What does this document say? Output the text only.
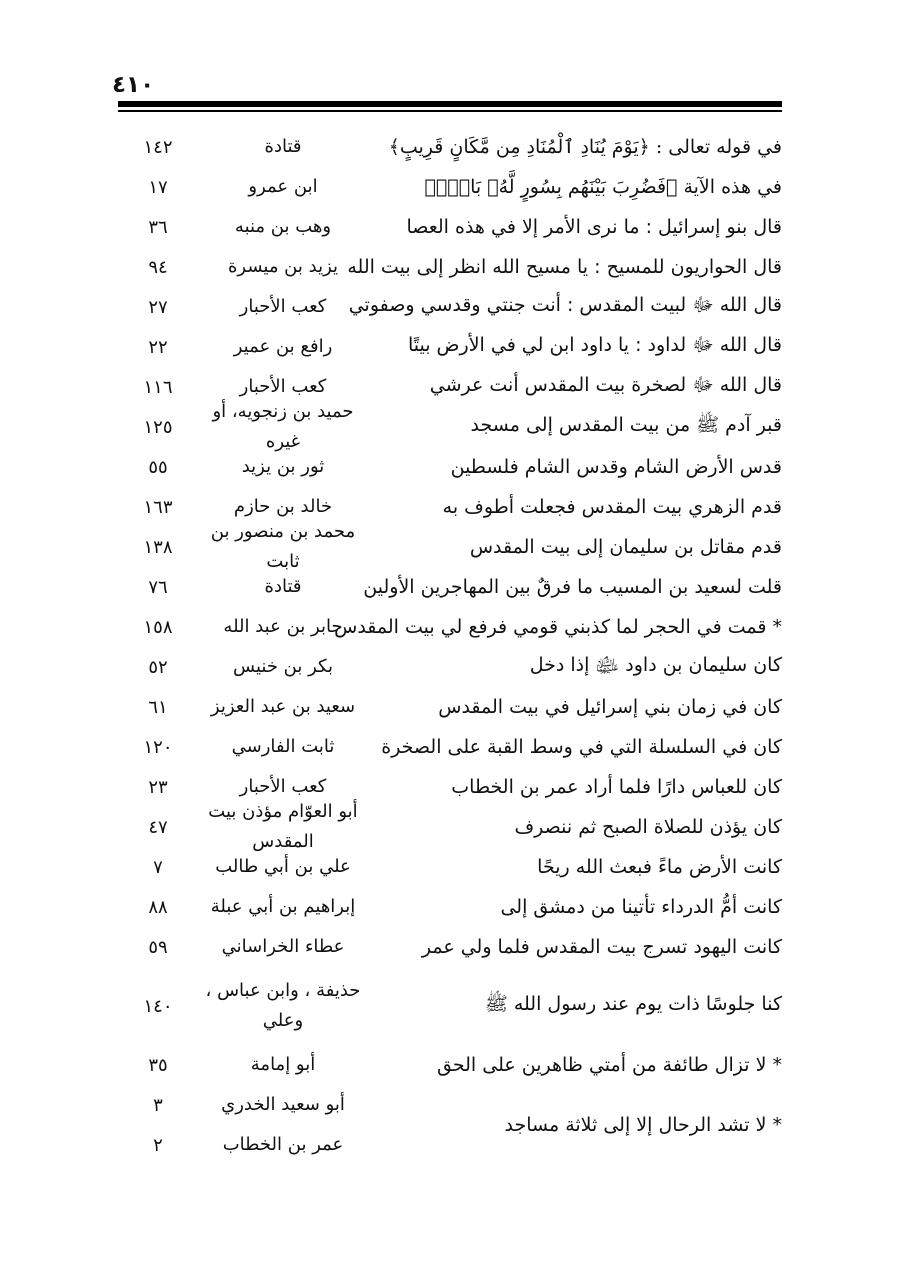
٤١٠
في قوله تعالى : ﴿يَوْمَ يُنَادِ ٱلْمُنَادِ مِن مَّكَانٍ قَرِيبٍ﴾
قتادة
١٤٢
في هذه الآية ﴿فَضُرِبَ بَيْنَهُم بِسُورٍ لَّهُۥ بَابٌۢ﴾
ابن عمرو
١٧
قال بنو إسرائيل : ما نرى الأمر إلا في هذه العصا
وهب بن منبه
٣٦
قال الحواريون للمسيح : يا مسيح الله انظر إلى بيت الله
يزيد بن ميسرة
٩٤
قال الله ﷻ لبيت المقدس : أنت جنتي وقدسي وصفوتي
كعب الأحبار
٢٧
قال الله ﷻ لداود : يا داود ابن لي في الأرض بيتًا
رافع بن عمير
٢٢
قال الله ﷻ لصخرة بيت المقدس أنت عرشي
كعب الأحبار
١١٦
قبر آدم ﷺ من بيت المقدس إلى مسجد
حميد بن زنجويه، أو غيره
١٢٥
قدس الأرض الشام وقدس الشام فلسطين
ثور بن يزيد
٥٥
قدم الزهري بيت المقدس فجعلت أطوف به
خالد بن حازم
١٦٣
قدم مقاتل بن سليمان إلى بيت المقدس
محمد بن منصور بن ثابت
١٣٨
قلت لسعيد بن المسيب ما فرقٌ بين المهاجرين الأولين
قتادة
٧٦
* قمت في الحجر لما كذبني قومي فرفع لي بيت المقدس
جابر بن عبد الله
١٥٨
كان سليمان بن داود ﵉ إذا دخل
بكر بن خنيس
٥٢
كان في زمان بني إسرائيل في بيت المقدس
سعيد بن عبد العزيز
٦١
كان في السلسلة التي في وسط القبة على الصخرة
ثابت الفارسي
١٢٠
كان للعباس دارًا فلما أراد عمر بن الخطاب
كعب الأحبار
٢٣
كان يؤذن للصلاة الصبح ثم ننصرف
أبو العوّام مؤذن بيت المقدس
٤٧
كانت الأرض ماءً فبعث الله ريحًا
علي بن أبي طالب
٧
كانت أمُّ الدرداء تأتينا من دمشق إلى
إبراهيم بن أبي عبلة
٨٨
كانت اليهود تسرج بيت المقدس فلما ولي عمر
عطاء الخراساني
٥٩
كنا جلوسًا ذات يوم عند رسول الله ﷺ
حذيفة ، وابن عباس ، وعلي
١٤٠
* لا تزال طائفة من أمتي ظاهرين على الحق
أبو إمامة
٣٥
* لا تشد الرحال إلا إلى ثلاثة مساجد
أبو سعيد الخدري
عمر بن الخطاب
٣
٢
